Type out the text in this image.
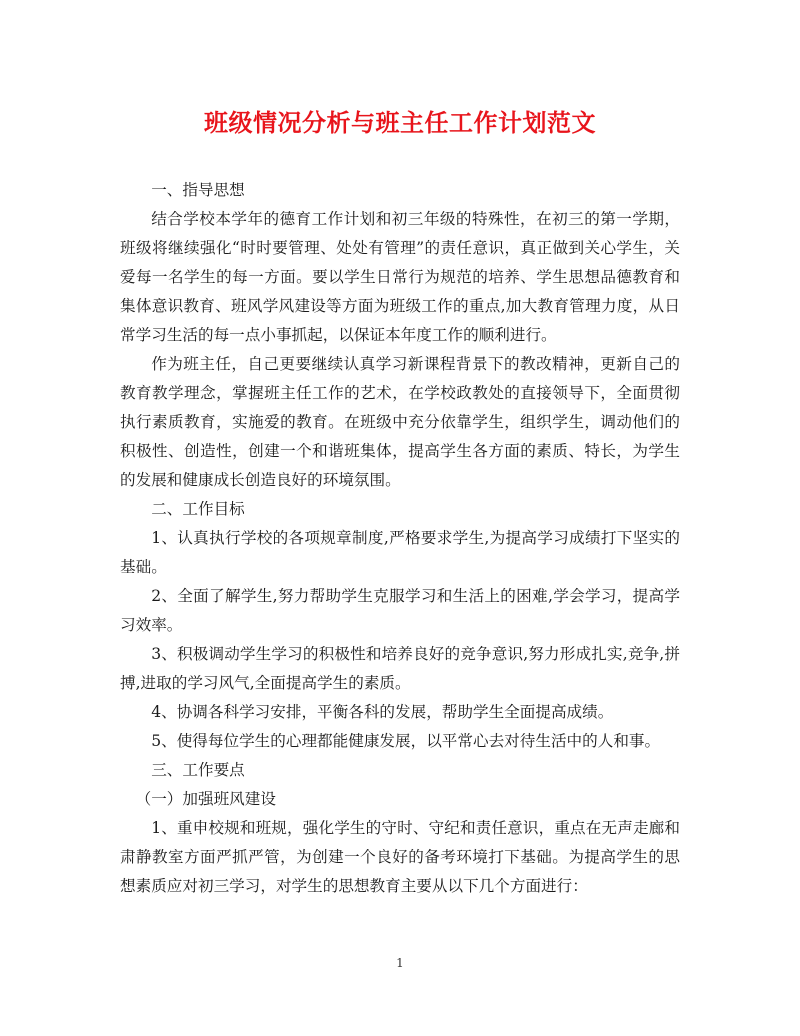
班级情况分析与班主任工作计划范文

一、指导思想

结合学校本学年的德育工作计划和初三年级的特殊性，在初三的第一学期，班级将继续强化“时时要管理、处处有管理”的责任意识，真正做到关心学生，关爱每一名学生的每一方面。要以学生日常行为规范的培养、学生思想品德教育和集体意识教育、班风学风建设等方面为班级工作的重点,加大教育管理力度，从日常学习生活的每一点小事抓起，以保证本年度工作的顺利进行。

作为班主任，自己更要继续认真学习新课程背景下的教改精神，更新自己的教育教学理念，掌握班主任工作的艺术，在学校政教处的直接领导下，全面贯彻执行素质教育，实施爱的教育。在班级中充分依靠学生，组织学生，调动他们的积极性、创造性，创建一个和谐班集体，提高学生各方面的素质、特长，为学生的发展和健康成长创造良好的环境氛围。

二、工作目标

1、认真执行学校的各项规章制度,严格要求学生,为提高学习成绩打下坚实的基础。

2、全面了解学生,努力帮助学生克服学习和生活上的困难,学会学习，提高学习效率。

3、积极调动学生学习的积极性和培养良好的竞争意识,努力形成扎实,竞争,拼搏,进取的学习风气,全面提高学生的素质。

4、协调各科学习安排，平衡各科的发展，帮助学生全面提高成绩。

5、使得每位学生的心理都能健康发展，以平常心去对待生活中的人和事。

三、工作要点

（一）加强班风建设

1、重申校规和班规，强化学生的守时、守纪和责任意识，重点在无声走廊和肃静教室方面严抓严管，为创建一个良好的备考环境打下基础。为提高学生的思想素质应对初三学习，对学生的思想教育主要从以下几个方面进行：

1
